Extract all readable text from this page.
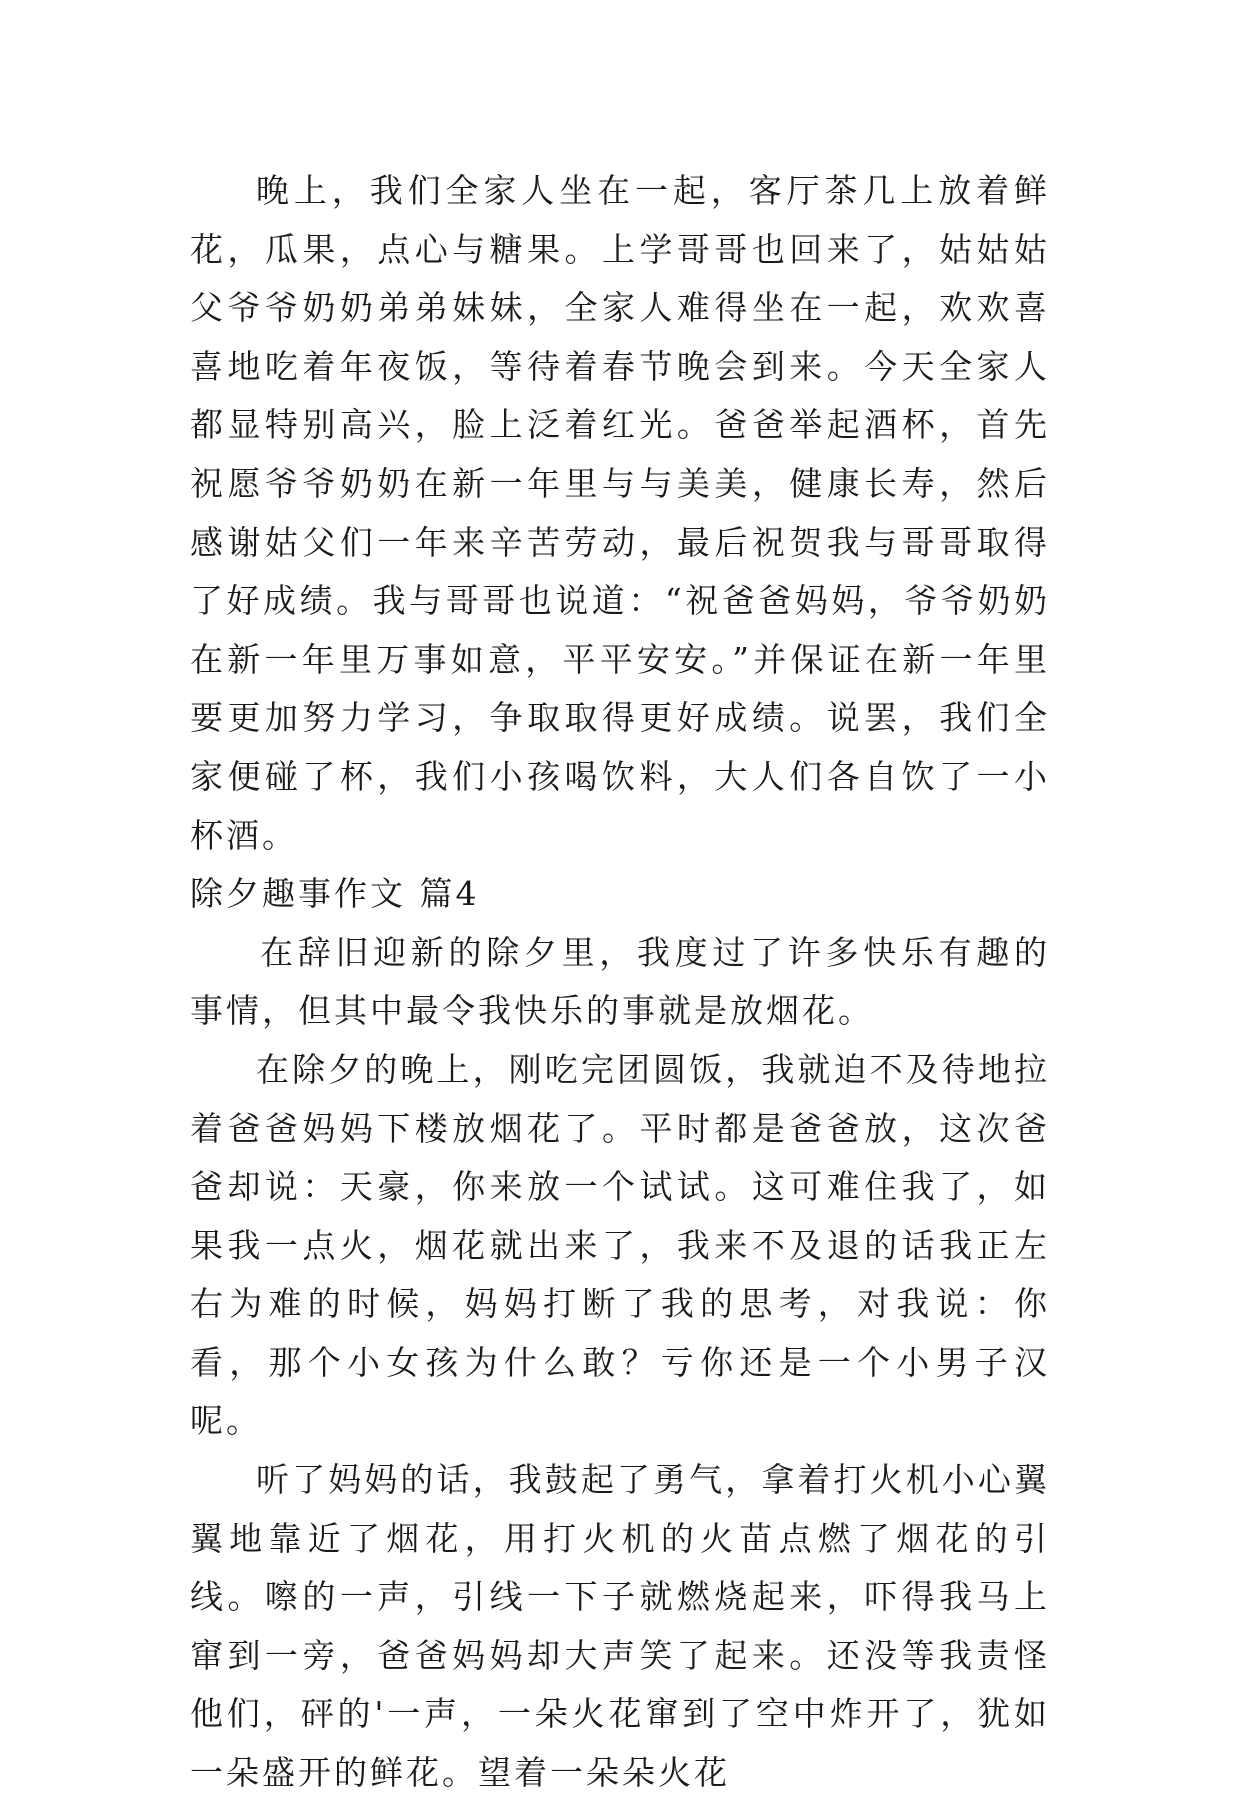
晚上，我们全家人坐在一起，客厅茶几上放着鲜花，瓜果，点心与糖果。上学哥哥也回来了，姑姑姑父爷爷奶奶弟弟妹妹，全家人难得坐在一起，欢欢喜喜地吃着年夜饭，等待着春节晚会到来。今天全家人都显特别高兴，脸上泛着红光。爸爸举起酒杯，首先祝愿爷爷奶奶在新一年里与与美美，健康长寿，然后感谢姑父们一年来辛苦劳动，最后祝贺我与哥哥取得了好成绩。我与哥哥也说道：“祝爸爸妈妈，爷爷奶奶在新一年里万事如意，平平安安。”并保证在新一年里要更加努力学习，争取取得更好成绩。说罢，我们全家便碰了杯，我们小孩喝饮料，大人们各自饮了一小杯酒。

除夕趣事作文 篇4

在辞旧迎新的除夕里，我度过了许多快乐有趣的事情，但其中最令我快乐的事就是放烟花。

在除夕的晚上，刚吃完团圆饭，我就迫不及待地拉着爸爸妈妈下楼放烟花了。平时都是爸爸放，这次爸爸却说：天豪，你来放一个试试。这可难住我了，如果我一点火，烟花就出来了，我来不及退的话我正左右为难的时候，妈妈打断了我的思考，对我说：你看，那个小女孩为什么敢？亏你还是一个小男子汉呢。

听了妈妈的话，我鼓起了勇气，拿着打火机小心翼翼地靠近了烟花，用打火机的火苗点燃了烟花的引线。嚓的一声，引线一下子就燃烧起来，吓得我马上窜到一旁，爸爸妈妈却大声笑了起来。还没等我责怪他们，砰的'一声，一朵火花窜到了空中炸开了，犹如一朵盛开的鲜花。望着一朵朵火花
